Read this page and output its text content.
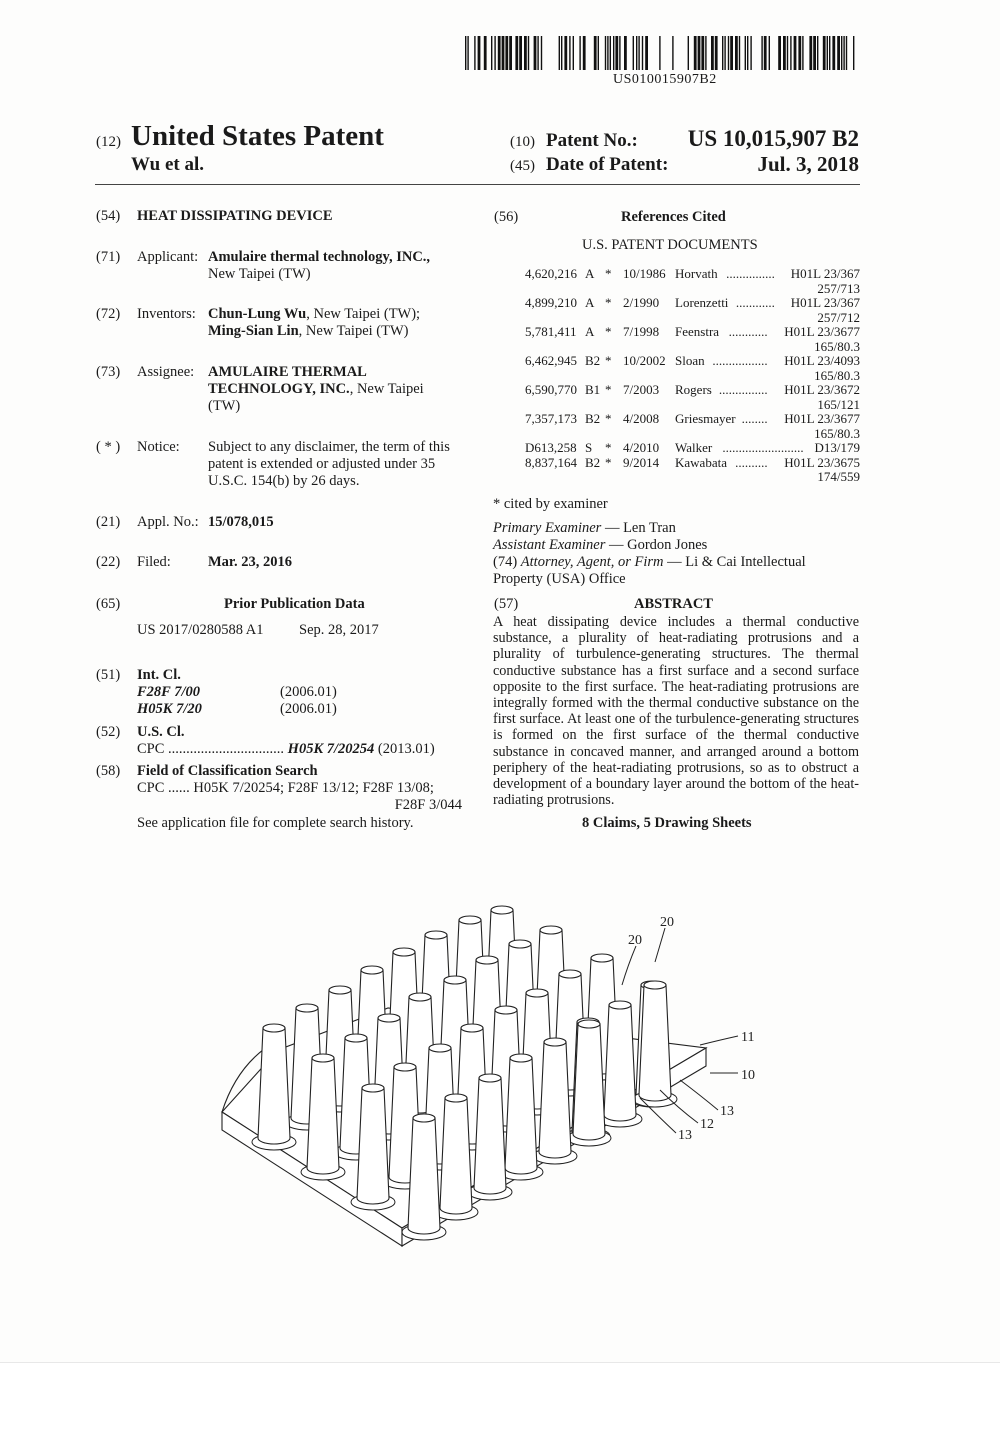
US010015907B2
(12) United States Patent
Wu et al.
(10) Patent No.: US 10,015,907 B2
(45) Date of Patent:	Jul. 3, 2018
(54) HEAT DISSIPATING DEVICE
(71) Applicant: Amulaire thermal technology, INC.,
New Taipei (TW)
(72) Inventors: Chun-Lung Wu, New Taipei (TW);
Ming-Sian Lin, New Taipei (TW)
(73) Assignee: AMULAIRE THERMAL
TECHNOLOGY, INC., New Taipei
(TW)
( * ) Notice: Subject to any disclaimer, the term of this
patent is extended or adjusted under 35
U.S.C. 154(b) by 26 days.
(21) Appl. No.: 15/078,015
(22) Filed:	Mar. 23, 2016
(65)	Prior Publication Data
US 2017/0280588 A1 Sep. 28, 2017
(51) Int. Cl.
F28F 7/00	(2006.01)
H05K 7/20	(2006.01)
(52) U.S. Cl.
CPC ................................ H05K 7/20254 (2013.01)
(58) Field of Classification Search
CPC ...... H05K 7/20254; F28F 13/12; F28F 13/08;
F28F 3/044
See application file for complete search history.
(56)	References Cited
U.S. PATENT DOCUMENTS
4,620,216 A * 10/1986 Horvath ............... H01L 23/367
257/713
4,899,210 A * 2/1990 Lorenzetti ............ H01L 23/367
257/712
5,781,411 A * 7/1998 Feenstra ............ H01L 23/3677
165/80.3
6,462,945 B2 * 10/2002 Sloan ................. H01L 23/4093
165/80.3
6,590,770 B1 * 7/2003 Rogers ............... H01L 23/3672
165/121
7,357,173 B2 * 4/2008 Griesmayer ........ H01L 23/3677
165/80.3
D613,258 S * 4/2010 Walker ......................... D13/179
8,837,164 B2 * 9/2014 Kawabata .......... H01L 23/3675
174/559
* cited by examiner
Primary Examiner — Len Tran
Assistant Examiner — Gordon Jones
(74) Attorney, Agent, or Firm — Li & Cai Intellectual
Property (USA) Office
(57)	ABSTRACT
A heat dissipating device includes a thermal conductive substance, a plurality of heat-radiating protrusions and a plurality of turbulence-generating structures. The thermal conductive substance has a first surface and a second surface opposite to the first surface. The heat-radiating protrusions are integrally formed with the thermal conductive substance on the first surface. At least one of the turbulence-generating structures is formed on the first surface of the thermal conductive substance in concaved manner, and arranged around a bottom periphery of the heat-radiating protrusions, so as to obstruct a development of a boundary layer around the bottom of the heat-radiating protrusions.
8 Claims, 5 Drawing Sheets
20
20
11
10
13
12
13
